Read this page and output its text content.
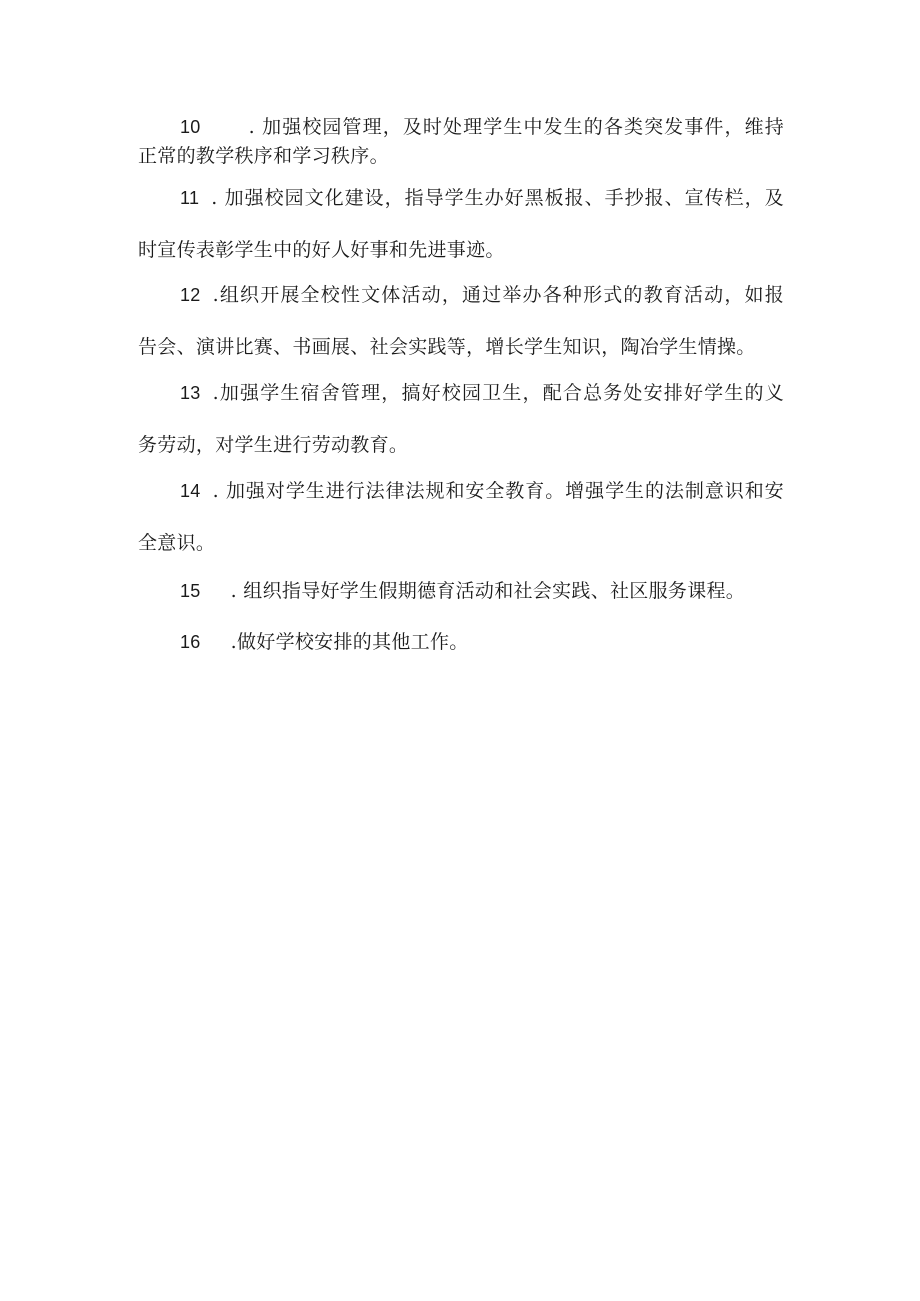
10	. 加强校园管理，及时处理学生中发生的各类突发事件，维持
正常的教学秩序和学习秩序。
11 . 加强校园文化建设，指导学生办好黑板报、手抄报、宣传栏，及
时宣传表彰学生中的好人好事和先进事迹。
12 .组织开展全校性文体活动，通过举办各种形式的教育活动，如报
告会、演讲比赛、书画展、社会实践等，增长学生知识，陶冶学生情操。
13 .加强学生宿舍管理，搞好校园卫生，配合总务处安排好学生的义
务劳动，对学生进行劳动教育。
14 . 加强对学生进行法律法规和安全教育。增强学生的法制意识和安
全意识。
15 . 组织指导好学生假期德育活动和社会实践、社区服务课程。
16 .做好学校安排的其他工作。
